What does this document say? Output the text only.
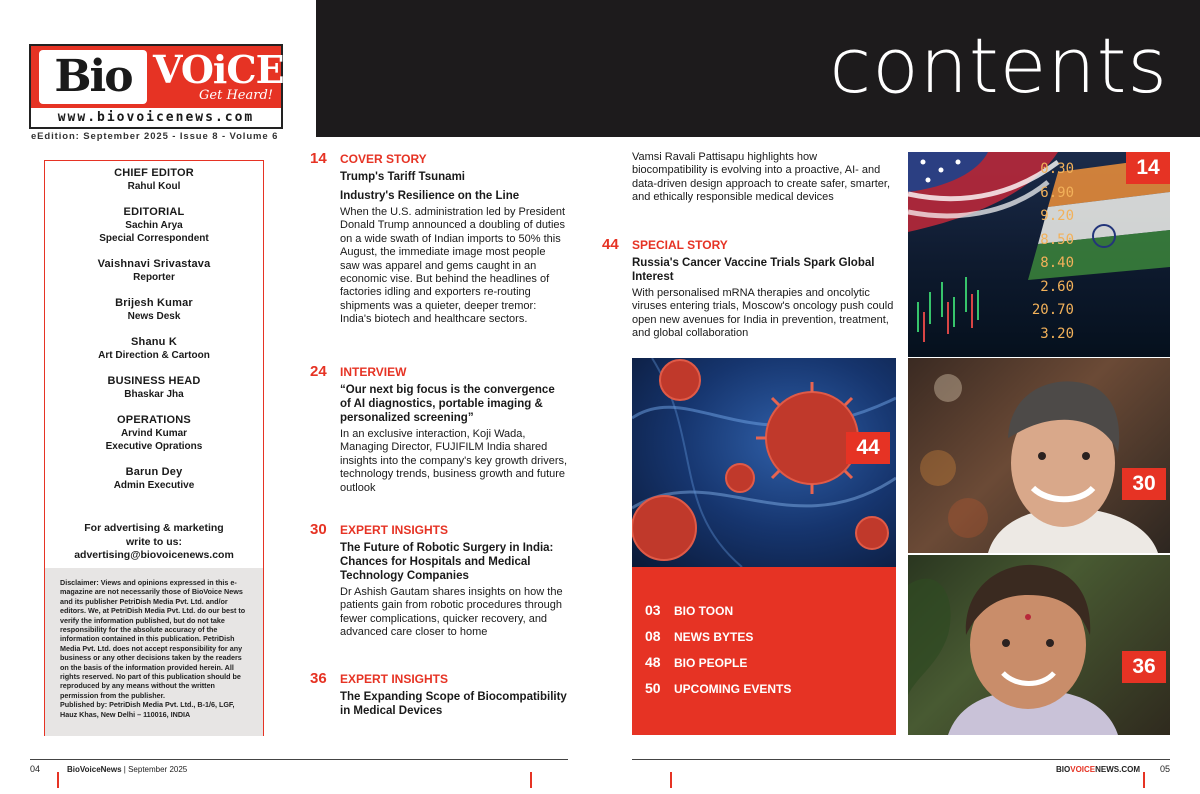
contents
Bio VOiCE
Get Heard!
www.biovoicenews.com
eEdition: September 2025 - Issue 8 - Volume 6
CHIEF EDITOR
Rahul Koul
EDITORIAL
Sachin Arya
Special Correspondent
Vaishnavi Srivastava
Reporter
Brijesh Kumar
News Desk
Shanu K
Art Direction & Cartoon
BUSINESS HEAD
Bhaskar Jha
OPERATIONS
Arvind Kumar
Executive Oprations
Barun Dey
Admin Executive
For advertising & marketing
write to us:
advertising@biovoicenews.com
Disclaimer: Views and opinions expressed in this e-magazine are not necessarily those of BioVoice News and its publisher PetriDish Media Pvt. Ltd. and/or editors. We, at PetriDish Media Pvt. Ltd. do our best to verify the information published, but do not take responsibility for the absolute accuracy of the information contained in this publication. PetriDish Media Pvt. Ltd. does not accept responsibility for any business or any other decisions taken by the readers on the basis of the information provided herein. All rights reserved. No part of this publication should be reproduced by any means without the written permission from the publisher.
Published by: PetriDish Media Pvt. Ltd., B-1/6, LGF, Hauz Khas, New Delhi – 110016, INDIA
14 COVER STORY
Trump's Tariff Tsunami
Industry's Resilience on the Line
When the U.S. administration led by President Donald Trump announced a doubling of duties on a wide swath of Indian imports to 50% this August, the immediate image most people saw was apparel and gems caught in an economic vise. But behind the headlines of factories idling and exporters re-routing shipments was a quieter, deeper tremor: India's biotech and healthcare sectors.
24 INTERVIEW
“Our next big focus is the convergence of AI diagnostics, portable imaging & personalized screening”
In an exclusive interaction, Koji Wada, Managing Director, FUJIFILM India shared insights into the company's key growth drivers, technology trends, business growth and future outlook
30 EXPERT INSIGHTS
The Future of Robotic Surgery in India: Chances for Hospitals and Medical Technology Companies
Dr Ashish Gautam shares insights on how the patients gain from robotic procedures through fewer complications, quicker recovery, and advanced care closer to home
36 EXPERT INSIGHTS
The Expanding Scope of Biocompatibility in Medical Devices
Vamsi Ravali Pattisapu highlights how biocompatibility is evolving into a proactive, AI- and data-driven design approach to create safer, smarter, and ethically responsible medical devices
44 SPECIAL STORY
Russia's Cancer Vaccine Trials Spark Global Interest
With personalised mRNA therapies and oncolytic viruses entering trials, Moscow's oncology push could open new avenues for India in prevention, treatment, and global collaboration
44
03 BIO TOON
08 NEWS BYTES
48 BIO PEOPLE
50 UPCOMING EVENTS
0.30
6.90
9.20
8.50
8.40
2.60
20.70
3.20
14
30
36
04	BioVoiceNews | September 2025	BIOVOICENEWS.COM 05
